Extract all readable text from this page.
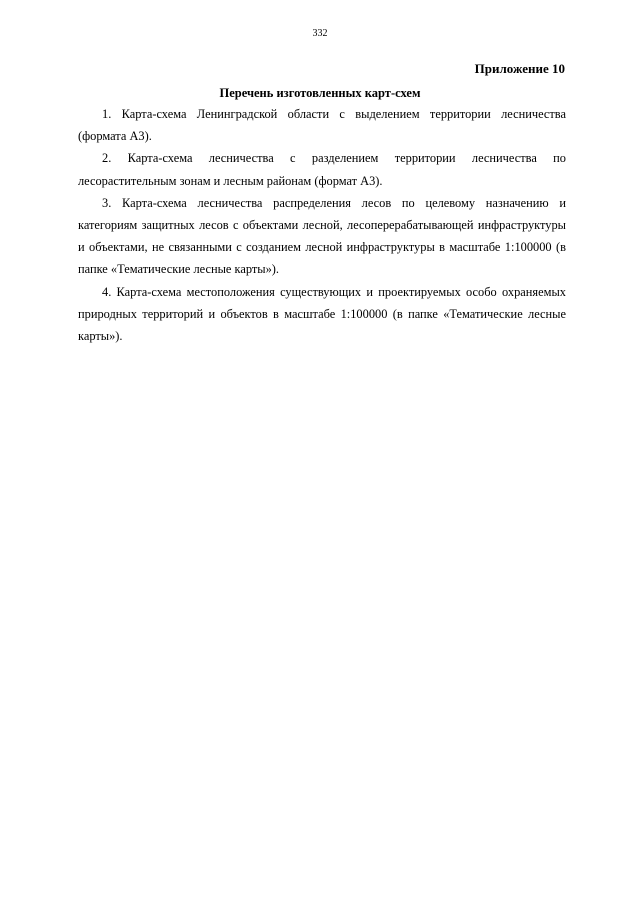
332
Приложение 10
Перечень изготовленных карт-схем

1. Карта-схема Ленинградской области с выделением территории лесничества (формата А3).

2. Карта-схема лесничества с разделением территории лесничества по лесорастительным зонам и лесным районам (формат А3).

3. Карта-схема лесничества распределения лесов по целевому назначению и категориям защитных лесов с объектами лесной, лесоперерабатывающей инфраструктуры и объектами, не связанными с созданием лесной инфраструктуры в масштабе 1:100000 (в папке «Тематические лесные карты»).

4. Карта-схема местоположения существующих и проектируемых особо охраняемых природных территорий и объектов в масштабе 1:100000 (в папке «Тематические лесные карты»).
